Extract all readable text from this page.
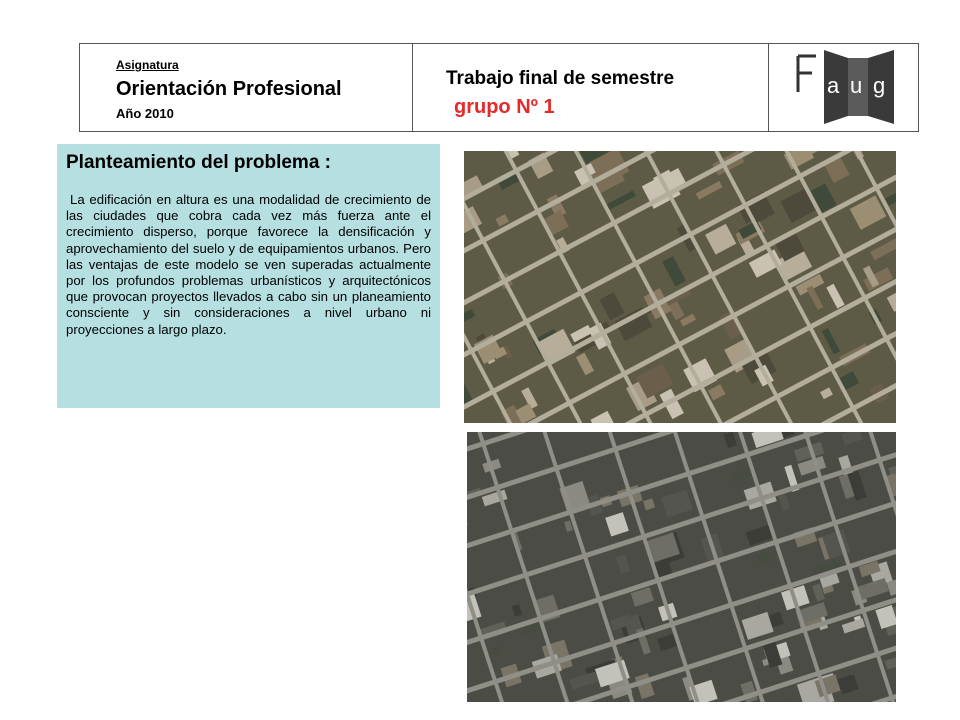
Asignatura
Orientación Profesional
Año 2010
Trabajo final de semestre
grupo Nº 1
a u g
Planteamiento del problema :

La edificación en altura es una modalidad de crecimiento de las ciudades que cobra cada vez más fuerza ante el crecimiento disperso, porque favorece la densificación y aprovechamiento del suelo y de equipamientos urbanos. Pero las ventajas de este modelo se ven superadas actualmente por los profundos problemas urbanísticos y arquitectónicos que provocan proyectos llevados a cabo sin un planeamiento consciente y sin consideraciones a nivel urbano ni proyecciones a largo plazo.
